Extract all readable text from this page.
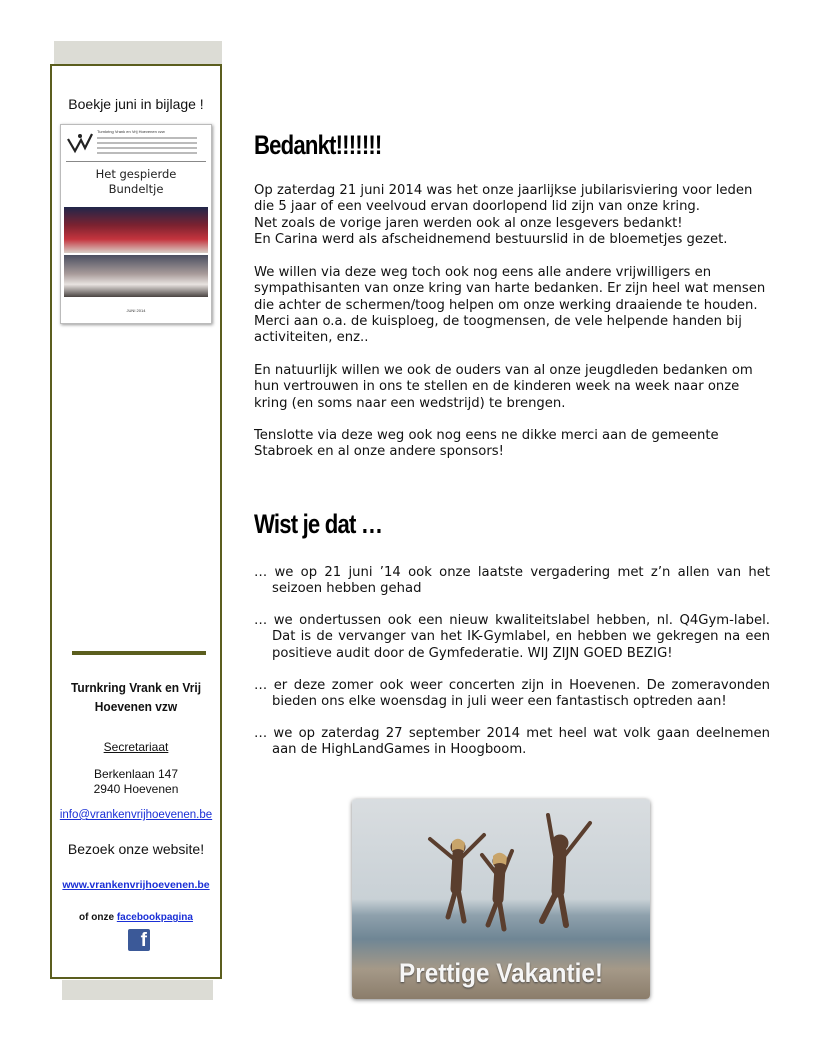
Boekje juni in bijlage !
Turnkring Vrank en Vrij Hoevenen vzw
Het gespierde
Bundeltje
JUNI 2014
Turnkring Vrank en Vrij
Hoevenen vzw
Secretariaat
Berkenlaan 147
2940 Hoevenen
info@vrankenvrijhoevenen.be
Bezoek onze website!
www.vrankenvrijhoevenen.be
of onze facebookpagina
f
Bedankt!!!!!!!
Op zaterdag 21 juni 2014 was het onze jaarlijkse jubilarisviering voor leden
die 5 jaar of een veelvoud ervan doorlopend lid zijn van onze kring.
Net zoals de vorige jaren werden ook al onze lesgevers bedankt!
En Carina werd als afscheidnemend bestuurslid in de bloemetjes gezet.
We willen via deze weg toch ook nog eens alle andere vrijwilligers en
sympathisanten van onze kring van harte bedanken. Er zijn heel wat mensen
die achter de schermen/toog helpen om onze werking draaiende te houden.
Merci aan o.a. de kuisploeg, de toogmensen, de vele helpende handen bij
activiteiten, enz..
En natuurlijk willen we ook de ouders van al onze jeugdleden bedanken om
hun vertrouwen in ons te stellen en de kinderen week na week naar onze
kring (en soms naar een wedstrijd) te brengen.
Tenslotte via deze weg ook nog eens ne dikke merci aan de gemeente
Stabroek en al onze andere sponsors!
Wist je dat …

… we op 21 juni ’14 ook onze laatste vergadering met z’n allen van het seizoen hebben gehad

… we ondertussen ook een nieuw kwaliteitslabel hebben, nl. Q4Gym-label. Dat is de vervanger van het IK-Gymlabel, en hebben we gekregen na een positieve audit door de Gymfederatie. WIJ ZIJN GOED BEZIG!

… er deze zomer ook weer concerten zijn in Hoevenen. De zomeravonden bieden ons elke woensdag in juli weer een fantastisch optreden aan!

… we op zaterdag 27 september 2014 met heel wat volk gaan deelnemen aan de HighLandGames in Hoogboom.

Prettige Vakantie!
